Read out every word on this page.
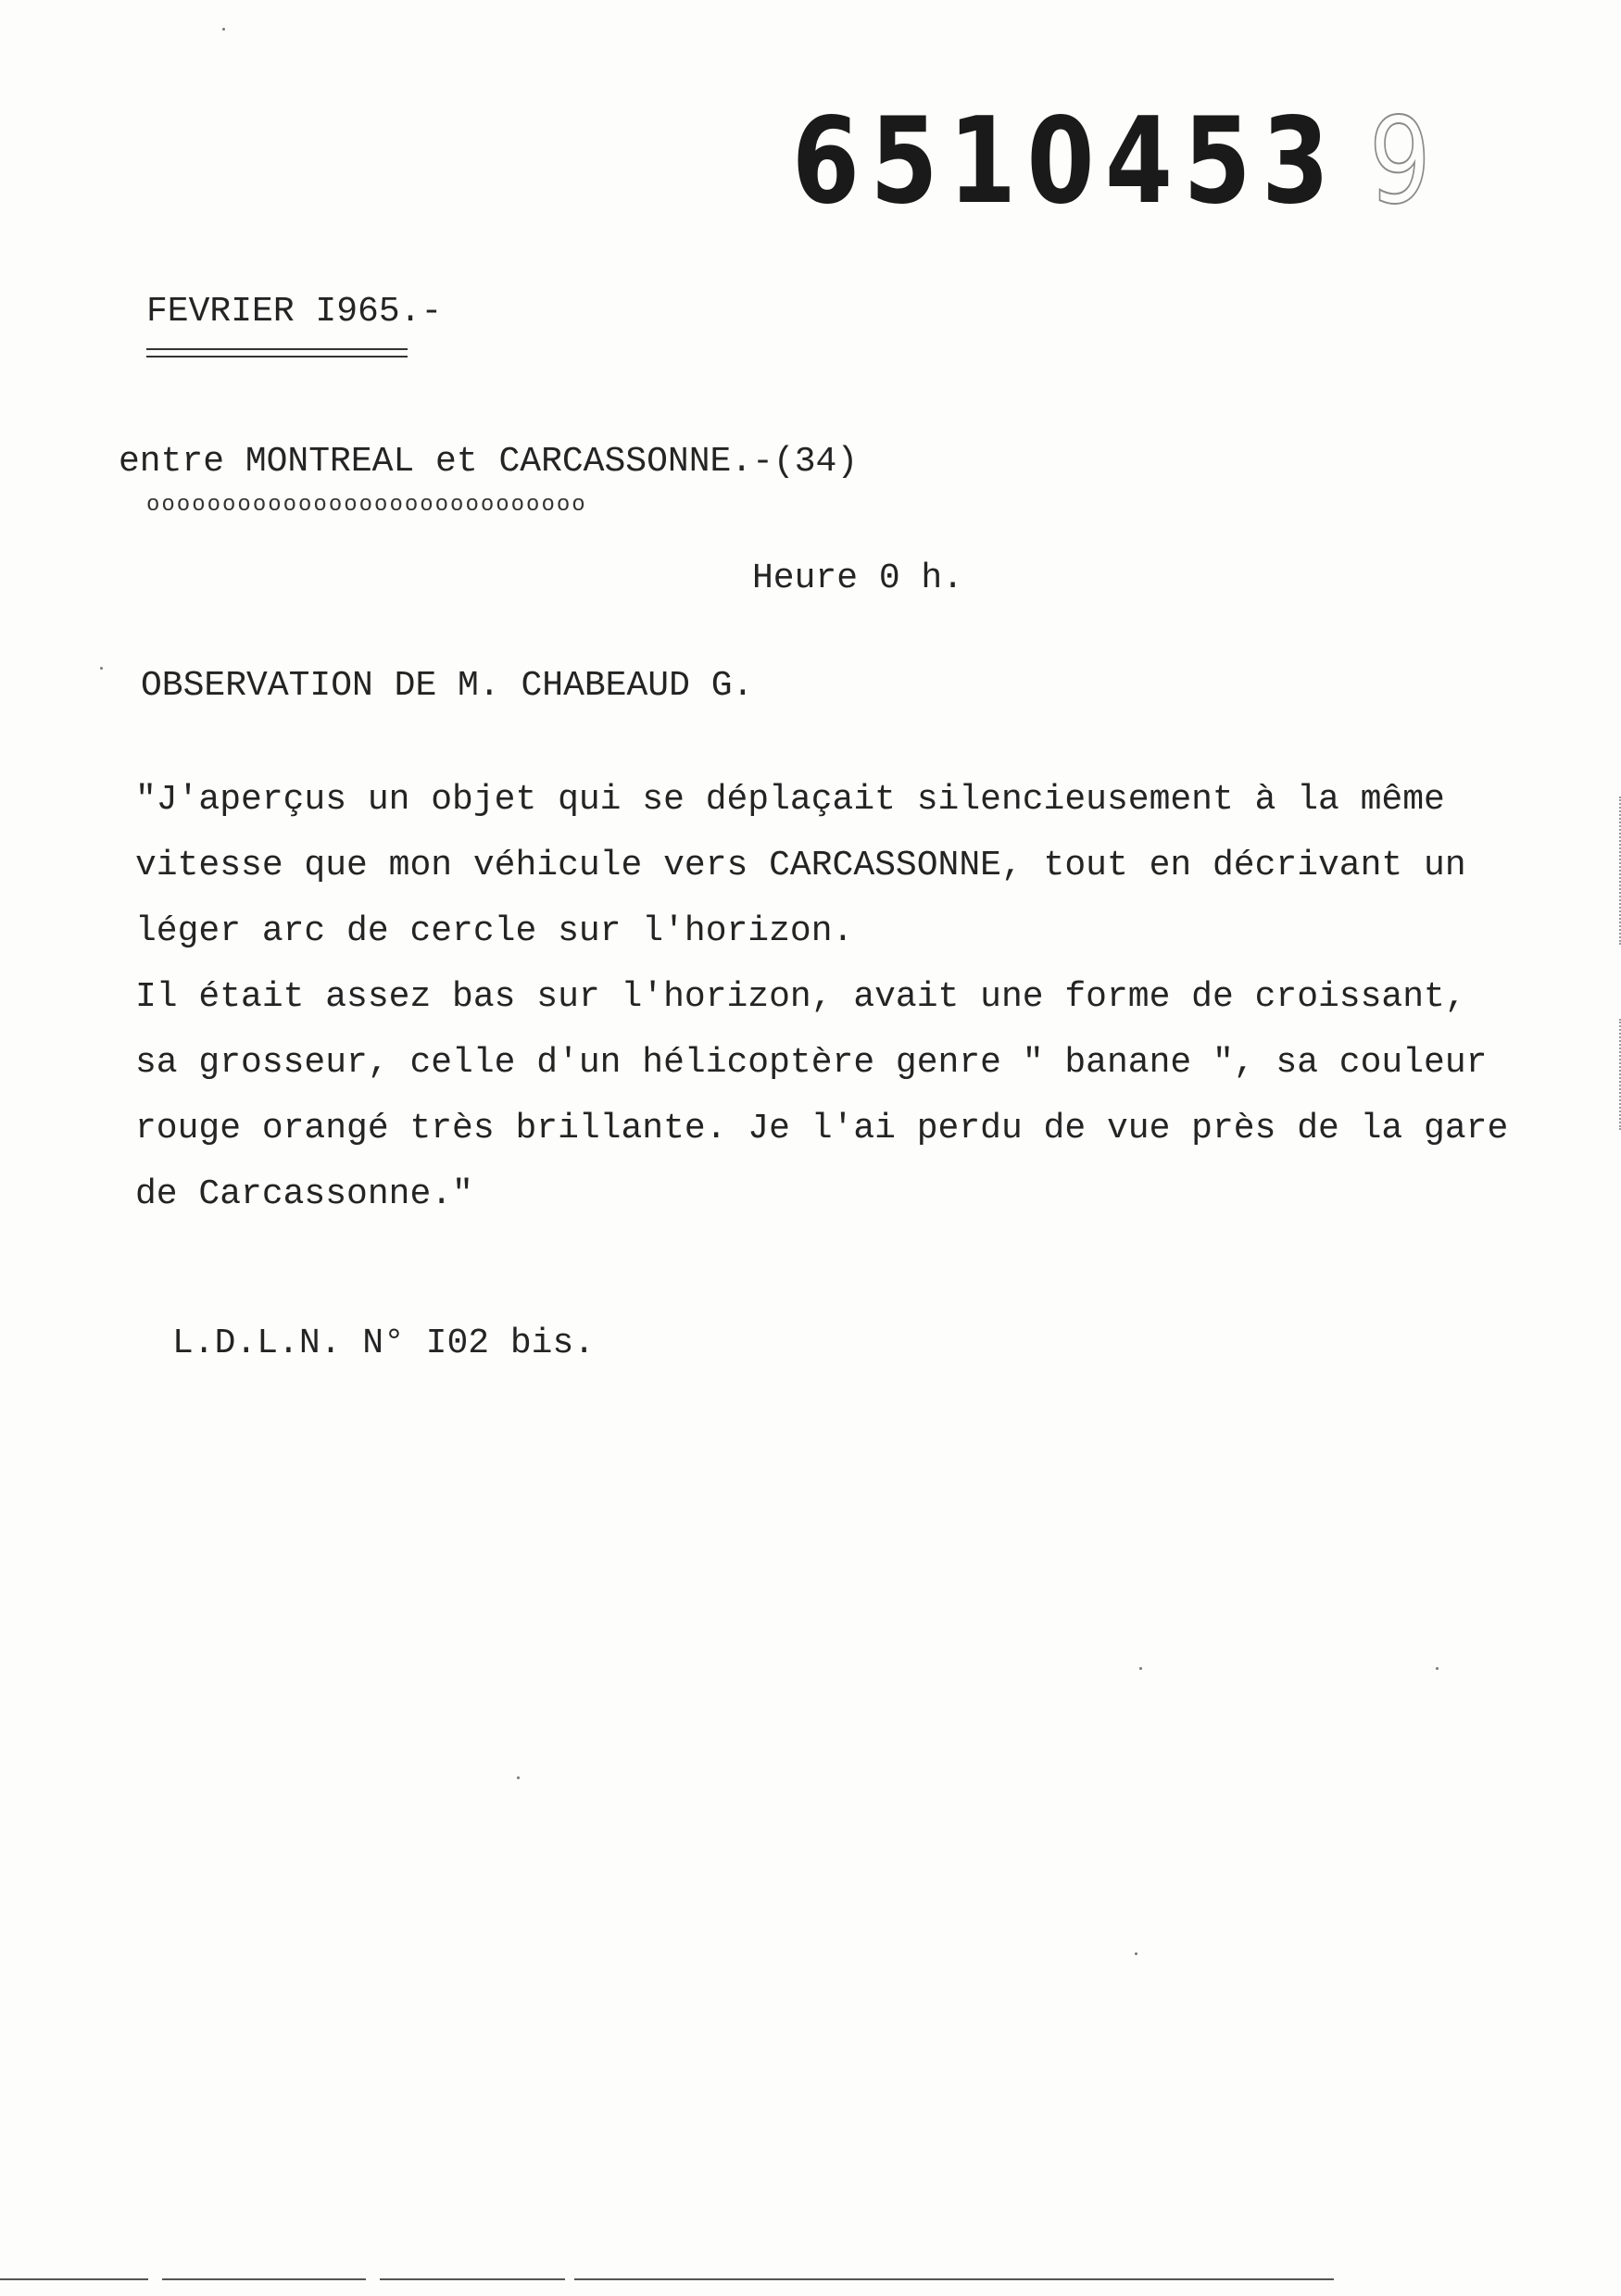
6510453 9
FEVRIER I965.-
entre MONTREAL et CARCASSONNE.-(34)
ooooooooooooooooooooooooooooo
Heure 0 h.
OBSERVATION DE M. CHABEAUD G.

"J'aperçus un objet qui se déplaçait silencieusement à la même

vitesse que mon véhicule vers CARCASSONNE, tout en décrivant un

léger arc de cercle sur l'horizon.

Il était assez bas sur l'horizon, avait une forme de croissant,

sa grosseur, celle d'un hélicoptère genre " banane ", sa couleur

rouge orangé très brillante. Je l'ai perdu de vue près de la gare

de Carcassonne."

L.D.L.N. N° I02 bis.
